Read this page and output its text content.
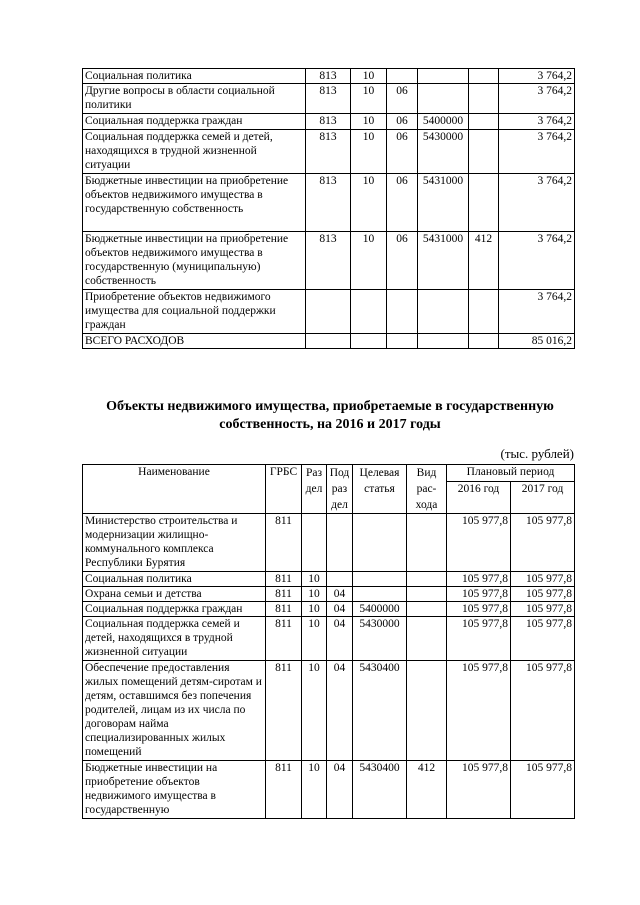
Социальная политика	813	10				3 764,2
Другие вопросы в области социальной политики	813	10	06			3 764,2
Социальная поддержка граждан	813	10	06	5400000		3 764,2
Социальная поддержка семей и детей, находящихся в трудной жизненной ситуации	813	10	06	5430000		3 764,2
Бюджетные инвестиции на приобретение объектов недвижимого имущества в государственную собственность	813	10	06	5431000		3 764,2
Бюджетные инвестиции на приобретение объектов недвижимого имущества в государственную (муниципальную) собственность	813	10	06	5431000	412	3 764,2
Приобретение объектов недвижимого имущества для социальной поддержки граждан						3 764,2
ВСЕГО РАСХОДОВ						85 016,2
Объекты недвижимого имущества, приобретаемые в государственную собственность, на 2016 и 2017 годы
(тыс. рублей)
Наименование	ГРБС	Раз дел	Под раз дел	Целевая статья	Вид рас-хода	Плановый период	
						2016 год	2017 год
Министерство строительства и модернизации жилищно-коммунального комплекса Республики Бурятия	811					105 977,8	105 977,8
Социальная политика	811	10				105 977,8	105 977,8
Охрана семьи и детства	811	10	04			105 977,8	105 977,8
Социальная поддержка граждан	811	10	04	5400000		105 977,8	105 977,8
Социальная поддержка семей и детей, находящихся в трудной жизненной ситуации	811	10	04	5430000		105 977,8	105 977,8
Обеспечение предоставления жилых помещений детям-сиротам и детям, оставшимся без попечения родителей, лицам из их числа по договорам найма специализированных жилых помещений	811	10	04	5430400		105 977,8	105 977,8
Бюджетные инвестиции на приобретение объектов недвижимого имущества в государственную	811	10	04	5430400	412	105 977,8	105 977,8
